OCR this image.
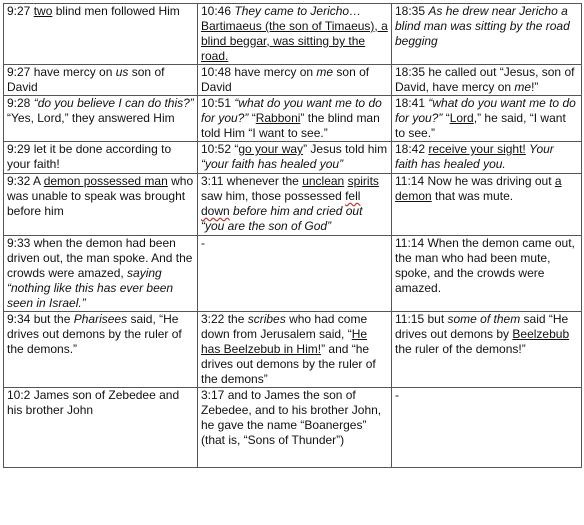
9:27 two blind men followed Him	10:46 They came to Jericho… Bartimaeus (the son of Timaeus), a blind beggar, was sitting by the road.	18:35 As he drew near Jericho a blind man was sitting by the road begging
9:27 have mercy on us son of David	10:48 have mercy on me son of David	18:35 he called out “Jesus, son of David, have mercy on me!”
9:28 “do you believe I can do this?” “Yes, Lord,” they answered Him	10:51 “what do you want me to do for you?” “Rabboni” the blind man told Him “I want to see.”	18:41 “what do you want me to do for you?” “Lord,” he said, “I want to see.”
9:29 let it be done according to your faith!	10:52 “go your way” Jesus told him “your faith has healed you”	18:42 receive your sight! Your faith has healed you.
9:32 A demon possessed man who was unable to speak was brought before him	3:11 whenever the unclean spirits saw him, those possessed fell down before him and cried out “you are the son of God”	11:14 Now he was driving out a demon that was mute.
9:33 when the demon had been driven out, the man spoke. And the crowds were amazed, saying “nothing like this has ever been seen in Israel.”	-	11:14 When the demon came out, the man who had been mute, spoke, and the crowds were amazed.
9:34 but the Pharisees said, “He drives out demons by the ruler of the demons.”	3:22 the scribes who had come down from Jerusalem said, “He has Beelzebub in Him!” and “he drives out demons by the ruler of the demons”	11:15 but some of them said “He drives out demons by Beelzebub the ruler of the demons!”
10:2 James son of Zebedee and his brother John	3:17 and to James the son of Zebedee, and to his brother John, he gave the name “Boanerges” (that is, “Sons of Thunder”)	-
